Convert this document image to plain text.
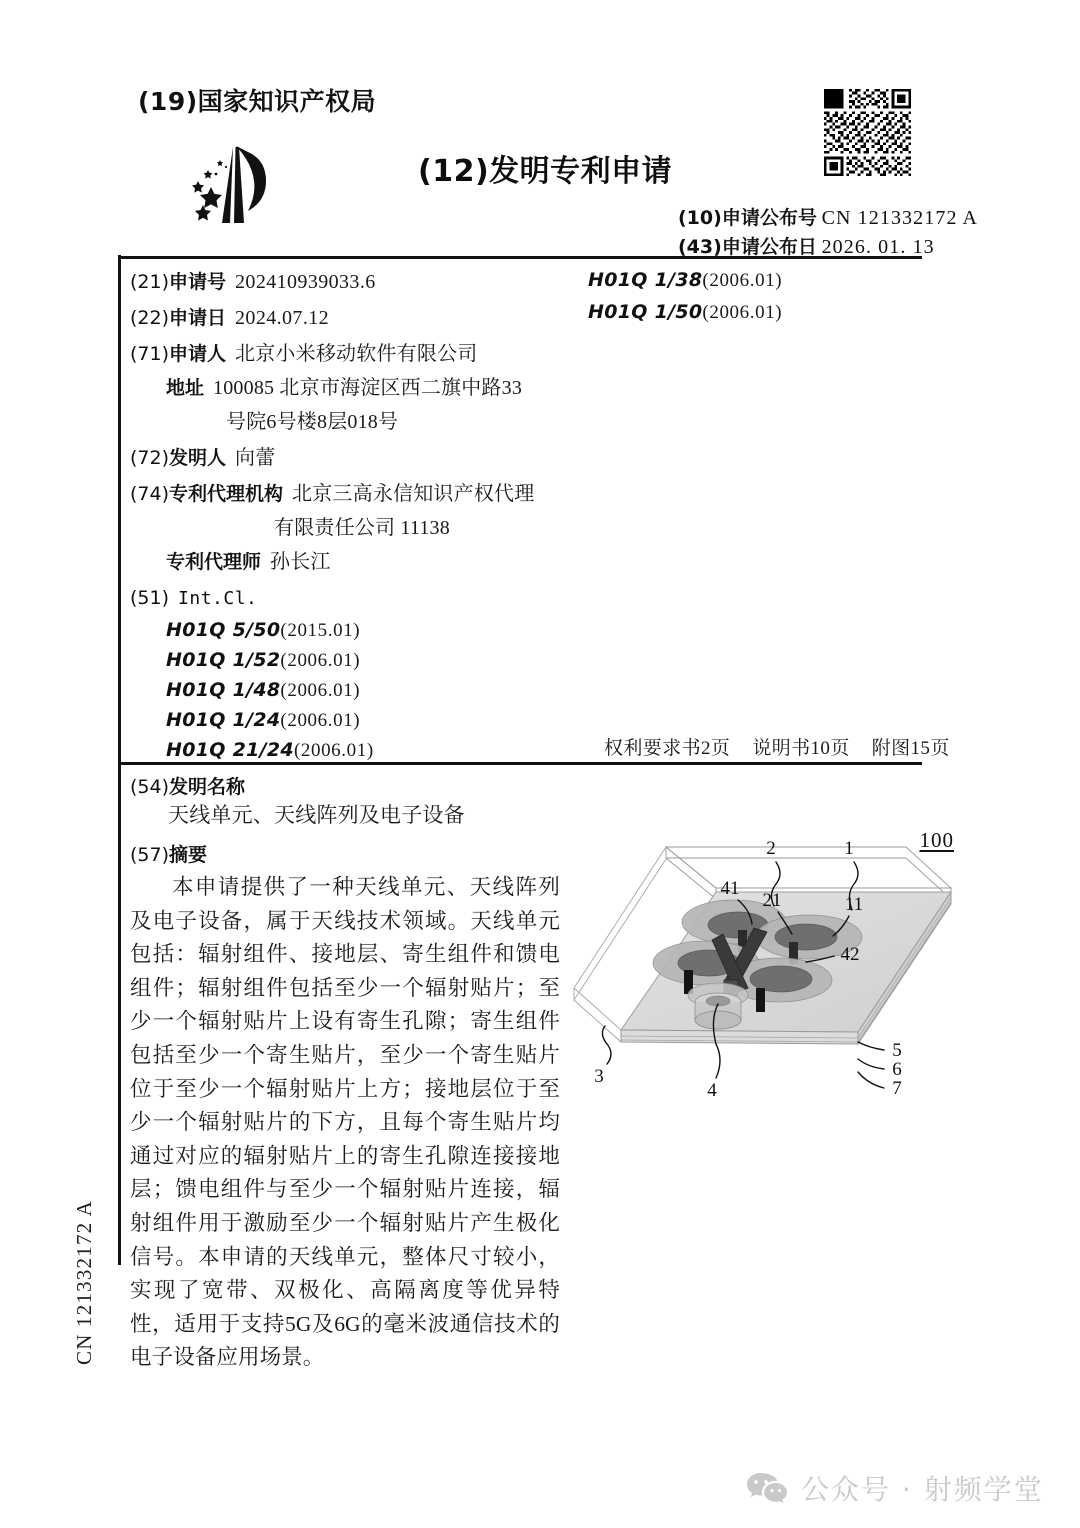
CN 121332172 A
(19)国家知识产权局
(12)发明专利申请
(10)申请公布号 CN 121332172 A
(43)申请公布日 2026. 01. 13
(21)申请号 202410939033.6
(22)申请日 2024.07.12
(71)申请人 北京小米移动软件有限公司
地址 100085 北京市海淀区西二旗中路33
号院6号楼8层018号
(72)发明人 向蕾
(74)专利代理机构 北京三高永信知识产权代理
有限责任公司 11138
专利代理师 孙长江
(51) Int.Cl.
H01Q 5/50(2015.01)
H01Q 1/52(2006.01)
H01Q 1/48(2006.01)
H01Q 1/24(2006.01)
H01Q 21/24(2006.01)
H01Q 1/38(2006.01)
H01Q 1/50(2006.01)
权利要求书2页 说明书10页 附图15页
(54)发明名称
天线单元、天线阵列及电子设备
(57)摘要
本申请提供了一种天线单元、天线阵列及电子设备，属于天线技术领域。天线单元包括：辐射组件、接地层、寄生组件和馈电组件；辐射组件包括至少一个辐射贴片；至少一个辐射贴片上设有寄生孔隙；寄生组件包括至少一个寄生贴片，至少一个寄生贴片位于至少一个辐射贴片上方；接地层位于至少一个辐射贴片的下方，且每个寄生贴片均通过对应的辐射贴片上的寄生孔隙连接接地层；馈电组件与至少一个辐射贴片连接，辐射组件用于激励至少一个辐射贴片产生极化信号。本申请的天线单元，整体尺寸较小，实现了宽带、双极化、高隔离度等优异特性，适用于支持5G及6G的毫米波通信技术的电子设备应用场景。
100
2	1
41
21	11
42
3
4
5
6
7
公众号 · 射频学堂
